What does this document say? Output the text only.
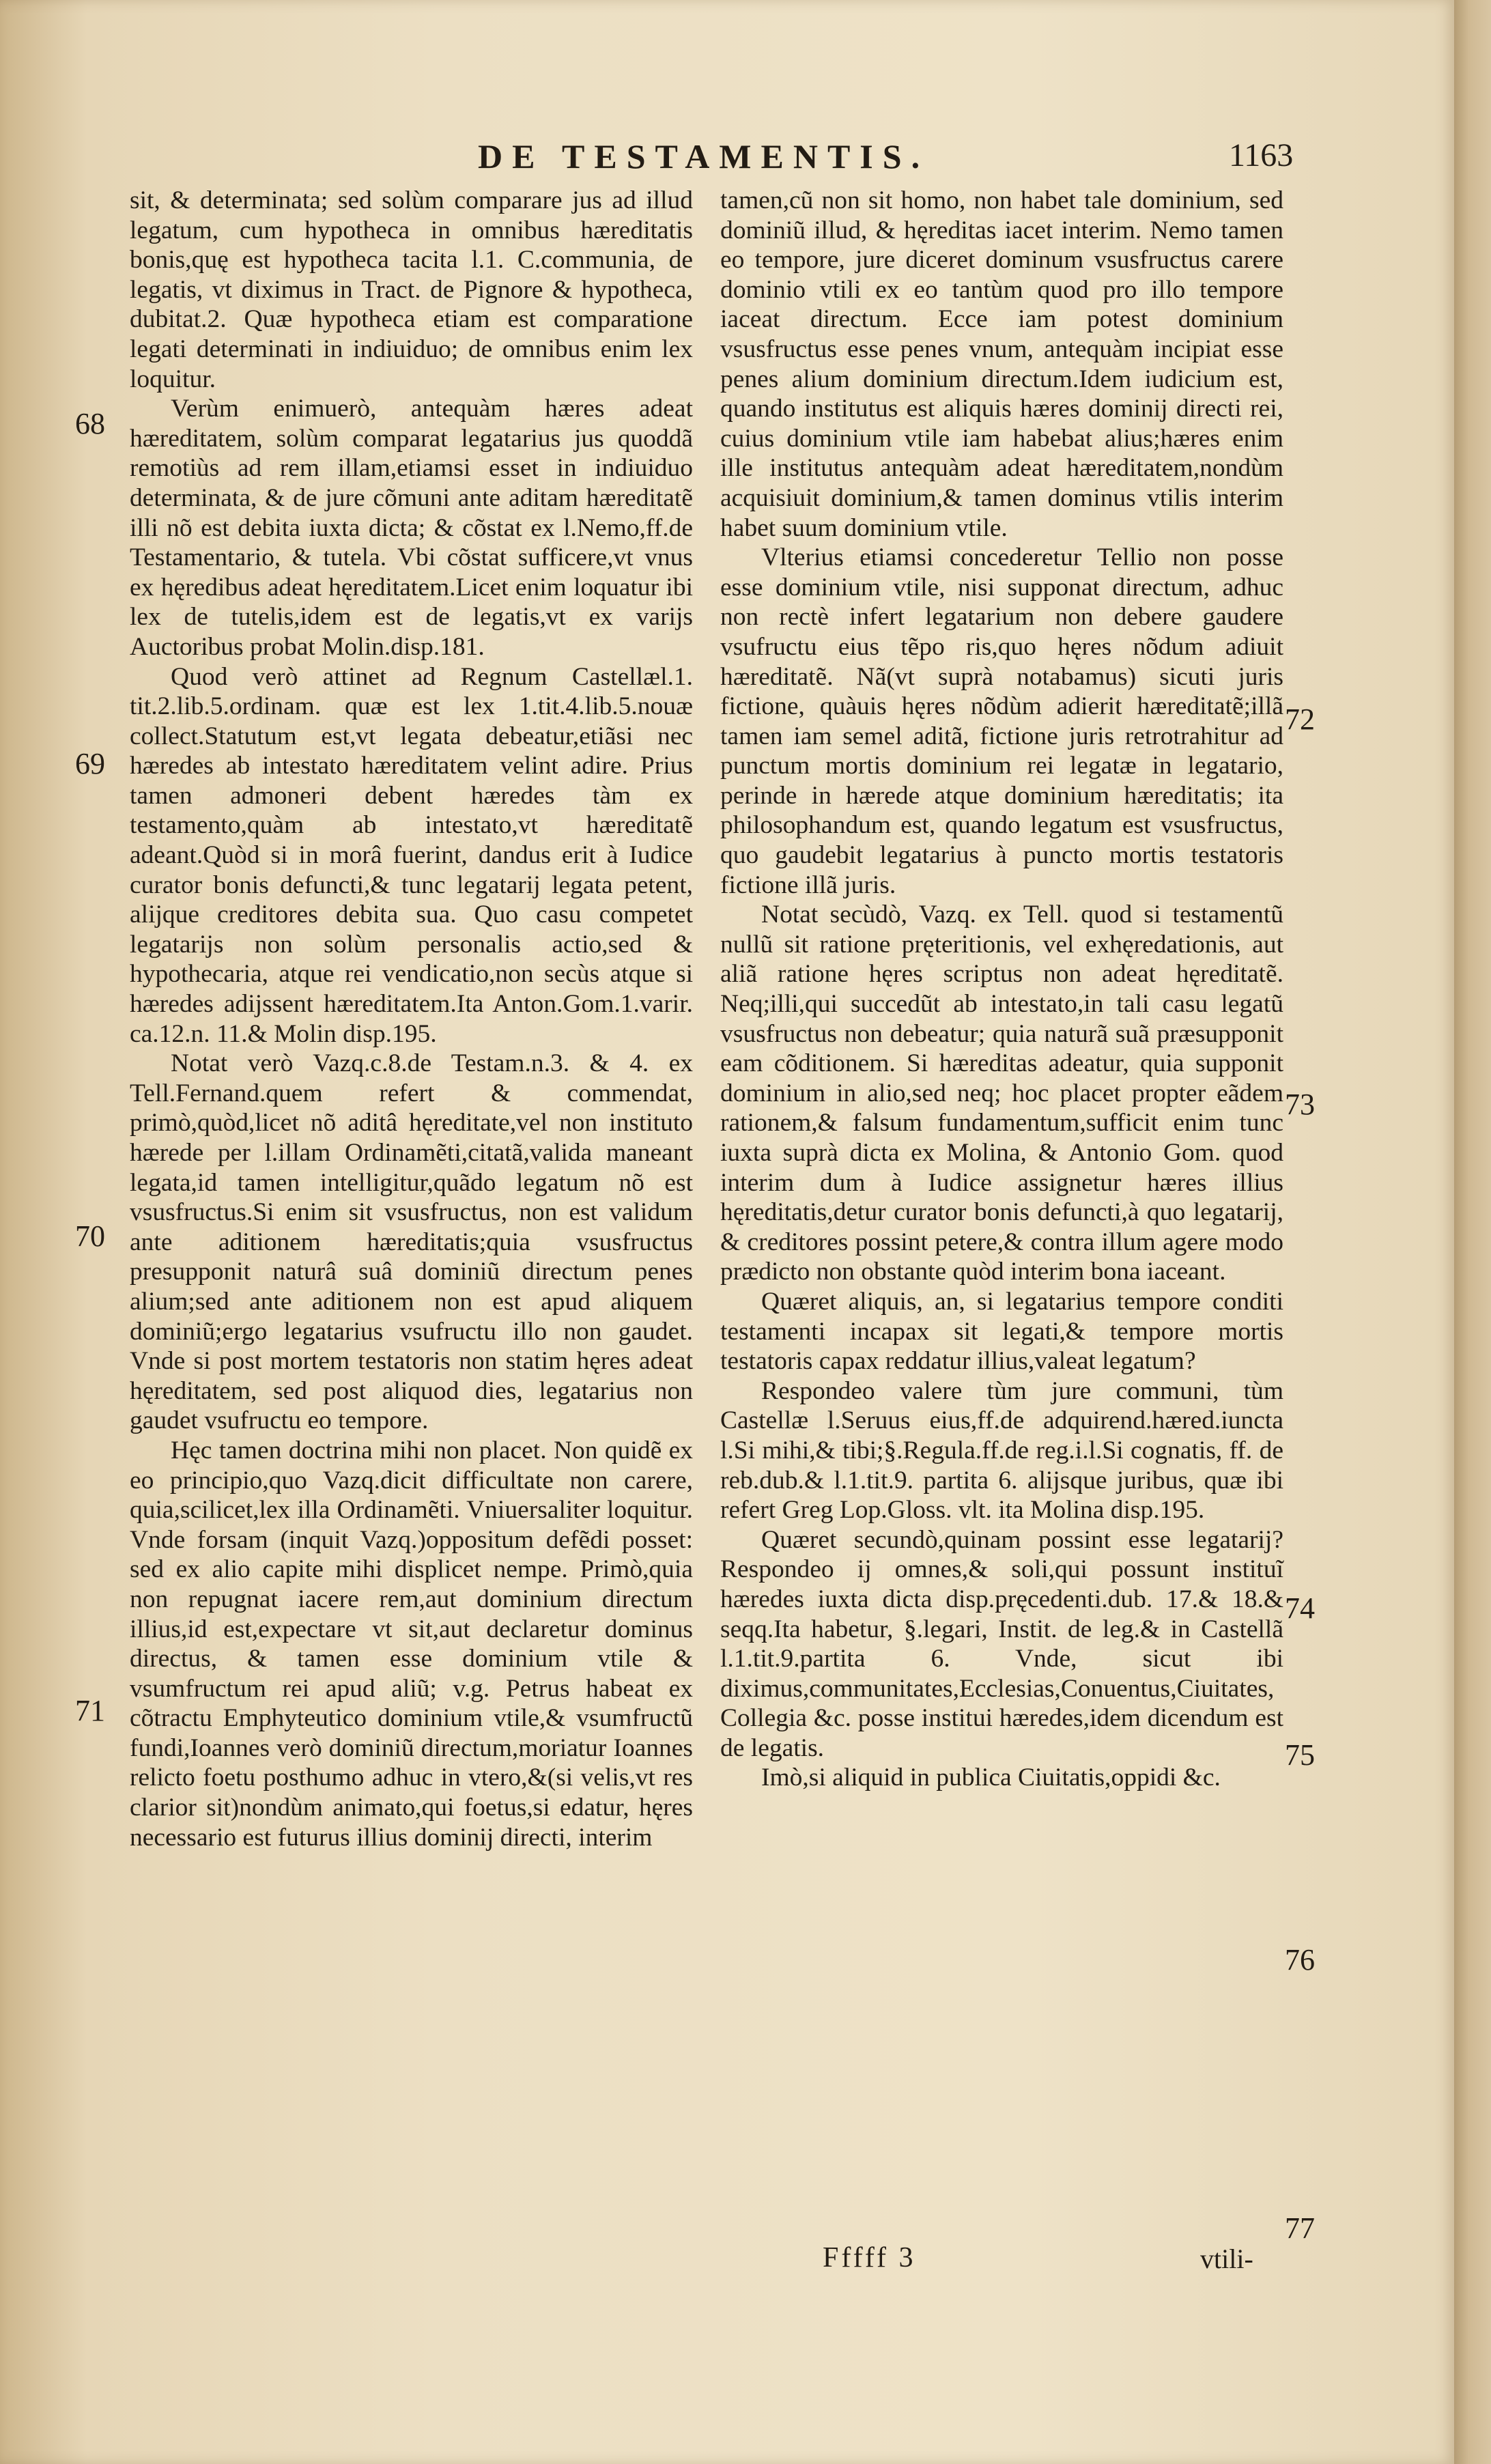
DE TESTAMENTIS.	1163

sit, & determinata; sed solùm comparare jus ad illud legatum, cum hypotheca in omnibus hæreditatis bonis,quę est hypotheca tacita l.1. C.communia, de legatis, vt diximus in Tract. de Pignore & hypotheca, dubitat.2. Quæ hypotheca etiam est comparatione legati determinati in indiuiduo; de omnibus enim lex loquitur.

Verùm enimuerò, antequàm hæres adeat hæreditatem, solùm comparat legatarius jus quoddã remotiùs ad rem illam,etiamsi esset in indiuiduo determinata, & de jure cõmuni ante aditam hæreditatẽ illi nõ est debita iuxta dicta; & cõstat ex l.Nemo,ff.de Testamentario, & tutela. Vbi cõstat sufficere,vt vnus ex hęredibus adeat hęreditatem.Licet enim loquatur ibi lex de tutelis,idem est de legatis,vt ex varijs Auctoribus probat Molin.disp.181.

Quod verò attinet ad Regnum Castellæl.1. tit.2.lib.5.ordinam. quæ est lex 1.tit.4.lib.5.nouæ collect.Statutum est,vt legata debeatur,etiãsi nec hæredes ab intestato hæreditatem velint adire. Prius tamen admoneri debent hæredes tàm ex testamento,quàm ab intestato,vt hæreditatẽ adeant.Quòd si in morâ fuerint, dandus erit à Iudice curator bonis defuncti,& tunc legatarij legata petent, alijque creditores debita sua. Quo casu competet legatarijs non solùm personalis actio,sed & hypothecaria, atque rei vendicatio,non secùs atque si hæredes adijssent hæreditatem.Ita Anton.Gom.1.varir. ca.12.n. 11.& Molin disp.195.

Notat verò Vazq.c.8.de Testam.n.3. & 4. ex Tell.Fernand.quem refert & commendat, primò,quòd,licet nõ aditâ hęreditate,vel non instituto hærede per l.illam Ordinamẽti,citatã,valida maneant legata,id tamen intelligitur,quãdo legatum nõ est vsusfructus.Si enim sit vsusfructus, non est validum ante aditionem hæreditatis;quia vsusfructus presupponit naturâ suâ dominiũ directum penes alium;sed ante aditionem non est apud aliquem dominiũ;ergo legatarius vsufructu illo non gaudet. Vnde si post mortem testatoris non statim hęres adeat hęreditatem, sed post aliquod dies, legatarius non gaudet vsufructu eo tempore.

Hęc tamen doctrina mihi non placet. Non quidẽ ex eo principio,quo Vazq.dicit difficultate non carere, quia,scilicet,lex illa Ordinamẽti. Vniuersaliter loquitur. Vnde forsam (inquit Vazq.)oppositum defẽdi posset: sed ex alio capite mihi displicet nempe. Primò,quia non repugnat iacere rem,aut dominium directum illius,id est,expectare vt sit,aut declaretur dominus directus, & tamen esse dominium vtile & vsumfructum rei apud aliũ; v.g. Petrus habeat ex cõtractu Emphyteutico dominium vtile,& vsumfructũ fundi,Ioannes verò dominiũ directum,moriatur Ioannes relicto foetu posthumo adhuc in vtero,&(si velis,vt res clarior sit)nondùm animato,qui foetus,si edatur, hęres necessario est futurus illius dominij directi, interim

tamen,cũ non sit homo, non habet tale dominium, sed dominiũ illud, & hęreditas iacet interim. Nemo tamen eo tempore, jure diceret dominum vsusfructus carere dominio vtili ex eo tantùm quod pro illo tempore iaceat directum. Ecce iam potest dominium vsusfructus esse penes vnum, antequàm incipiat esse penes alium dominium directum.Idem iudicium est, quando institutus est aliquis hæres dominij directi rei, cuius dominium vtile iam habebat alius;hæres enim ille institutus antequàm adeat hæreditatem,nondùm acquisiuit dominium,& tamen dominus vtilis interim habet suum dominium vtile.

Vlterius etiamsi concederetur Tellio non posse esse dominium vtile, nisi supponat directum, adhuc non rectè infert legatarium non debere gaudere vsufructu eius tẽpo ris,quo hęres nõdum adiuit hæreditatẽ. Nã(vt suprà notabamus) sicuti juris fictione, quàuis hęres nõdùm adierit hæreditatẽ;illã tamen iam semel aditã, fictione juris retrotrahitur ad punctum mortis dominium rei legatæ in legatario, perinde in hærede atque dominium hæreditatis; ita philosophandum est, quando legatum est vsusfructus, quo gaudebit legatarius à puncto mortis testatoris fictione illã juris.

Notat secùdò, Vazq. ex Tell. quod si testamentũ nullũ sit ratione pręteritionis, vel exhęredationis, aut aliã ratione hęres scriptus non adeat hęreditatẽ. Neq;illi,qui succedũt ab intestato,in tali casu legatũ vsusfructus non debeatur; quia naturã suã præsupponit eam cõditionem. Si hæreditas adeatur, quia supponit dominium in alio,sed neq; hoc placet propter eãdem rationem,& falsum fundamentum,sufficit enim tunc iuxta suprà dicta ex Molina, & Antonio Gom. quod interim dum à Iudice assignetur hæres illius hęreditatis,detur curator bonis defuncti,à quo legatarij, & creditores possint petere,& contra illum agere modo prædicto non obstante quòd interim bona iaceant.

Quæret aliquis, an, si legatarius tempore conditi testamenti incapax sit legati,& tempore mortis testatoris capax reddatur illius,valeat legatum?

Respondeo valere tùm jure communi, tùm Castellæ l.Seruus eius,ff.de adquirend.hæred.iuncta l.Si mihi,& tibi;§.Regula.ff.de reg.i.l.Si cognatis, ff. de reb.dub.& l.1.tit.9. partita 6. alijsque juribus, quæ ibi refert Greg Lop.Gloss. vlt. ita Molina disp.195.

Quæret secundò,quinam possint esse legatarij?Respondeo ij omnes,& soli,qui possunt instituĩ hæredes iuxta dicta disp.pręcedenti.dub. 17.& 18.& seqq.Ita habetur, §.legari, Instit. de leg.& in Castellã l.1.tit.9.partita 6. Vnde, sicut ibi diximus,communitates,Ecclesias,Conuentus,Ciuitates, Collegia &c. posse institui hæredes,idem dicendum est de legatis.

Imò,si aliquid in publica Ciuitatis,oppidi &c.

68
69
70
71
72
73
74
75
76
77
Fffff 3	vtili-
